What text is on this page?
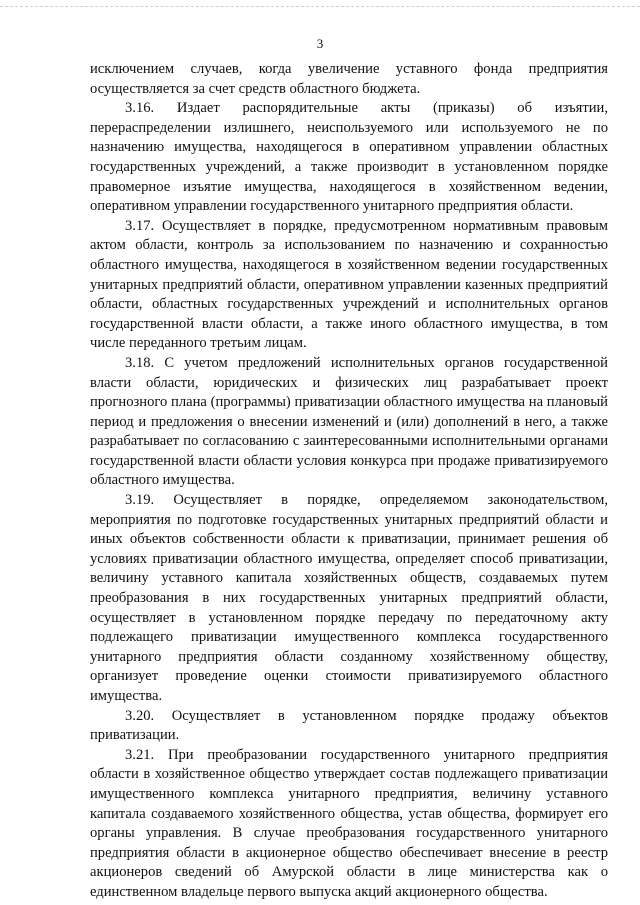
3

исключением случаев, когда увеличение уставного фонда предприятия осуществляется за счет средств областного бюджета.

3.16. Издает распорядительные акты (приказы) об изъятии, перераспределении излишнего, неиспользуемого или используемого не по назначению имущества, находящегося в оперативном управлении областных государственных учреждений, а также производит в установленном порядке правомерное изъятие имущества, находящегося в хозяйственном ведении, оперативном управлении государственного унитарного предприятия области.

3.17. Осуществляет в порядке, предусмотренном нормативным правовым актом области, контроль за использованием по назначению и сохранностью областного имущества, находящегося в хозяйственном ведении государственных унитарных предприятий области, оперативном управлении казенных предприятий области, областных государственных учреждений и исполнительных органов государственной власти области, а также иного областного имущества, в том числе переданного третьим лицам.

3.18. С учетом предложений исполнительных органов государственной власти области, юридических и физических лиц разрабатывает проект прогнозного плана (программы) приватизации областного имущества на плановый период и предложения о внесении изменений и (или) дополнений в него, а также разрабатывает по согласованию с заинтересованными исполнительными органами государственной власти области условия конкурса при продаже приватизируемого областного имущества.

3.19. Осуществляет в порядке, определяемом законодательством, мероприятия по подготовке государственных унитарных предприятий области и иных объектов собственности области к приватизации, принимает решения об условиях приватизации областного имущества, определяет способ приватизации, величину уставного капитала хозяйственных обществ, создаваемых путем преобразования в них государственных унитарных предприятий области, осуществляет в установленном порядке передачу по передаточному акту подлежащего приватизации имущественного комплекса государственного унитарного предприятия области созданному хозяйственному обществу, организует проведение оценки стоимости приватизируемого областного имущества.

3.20. Осуществляет в установленном порядке продажу объектов приватизации.

3.21. При преобразовании государственного унитарного предприятия области в хозяйственное общество утверждает состав подлежащего приватизации имущественного комплекса унитарного предприятия, величину уставного капитала создаваемого хозяйственного общества, устав общества, формирует его органы управления. В случае преобразования государственного унитарного предприятия области в акционерное общество обеспечивает внесение в реестр акционеров сведений об Амурской области в лице министерства как о единственном владельце первого выпуска акций акционерного общества.
